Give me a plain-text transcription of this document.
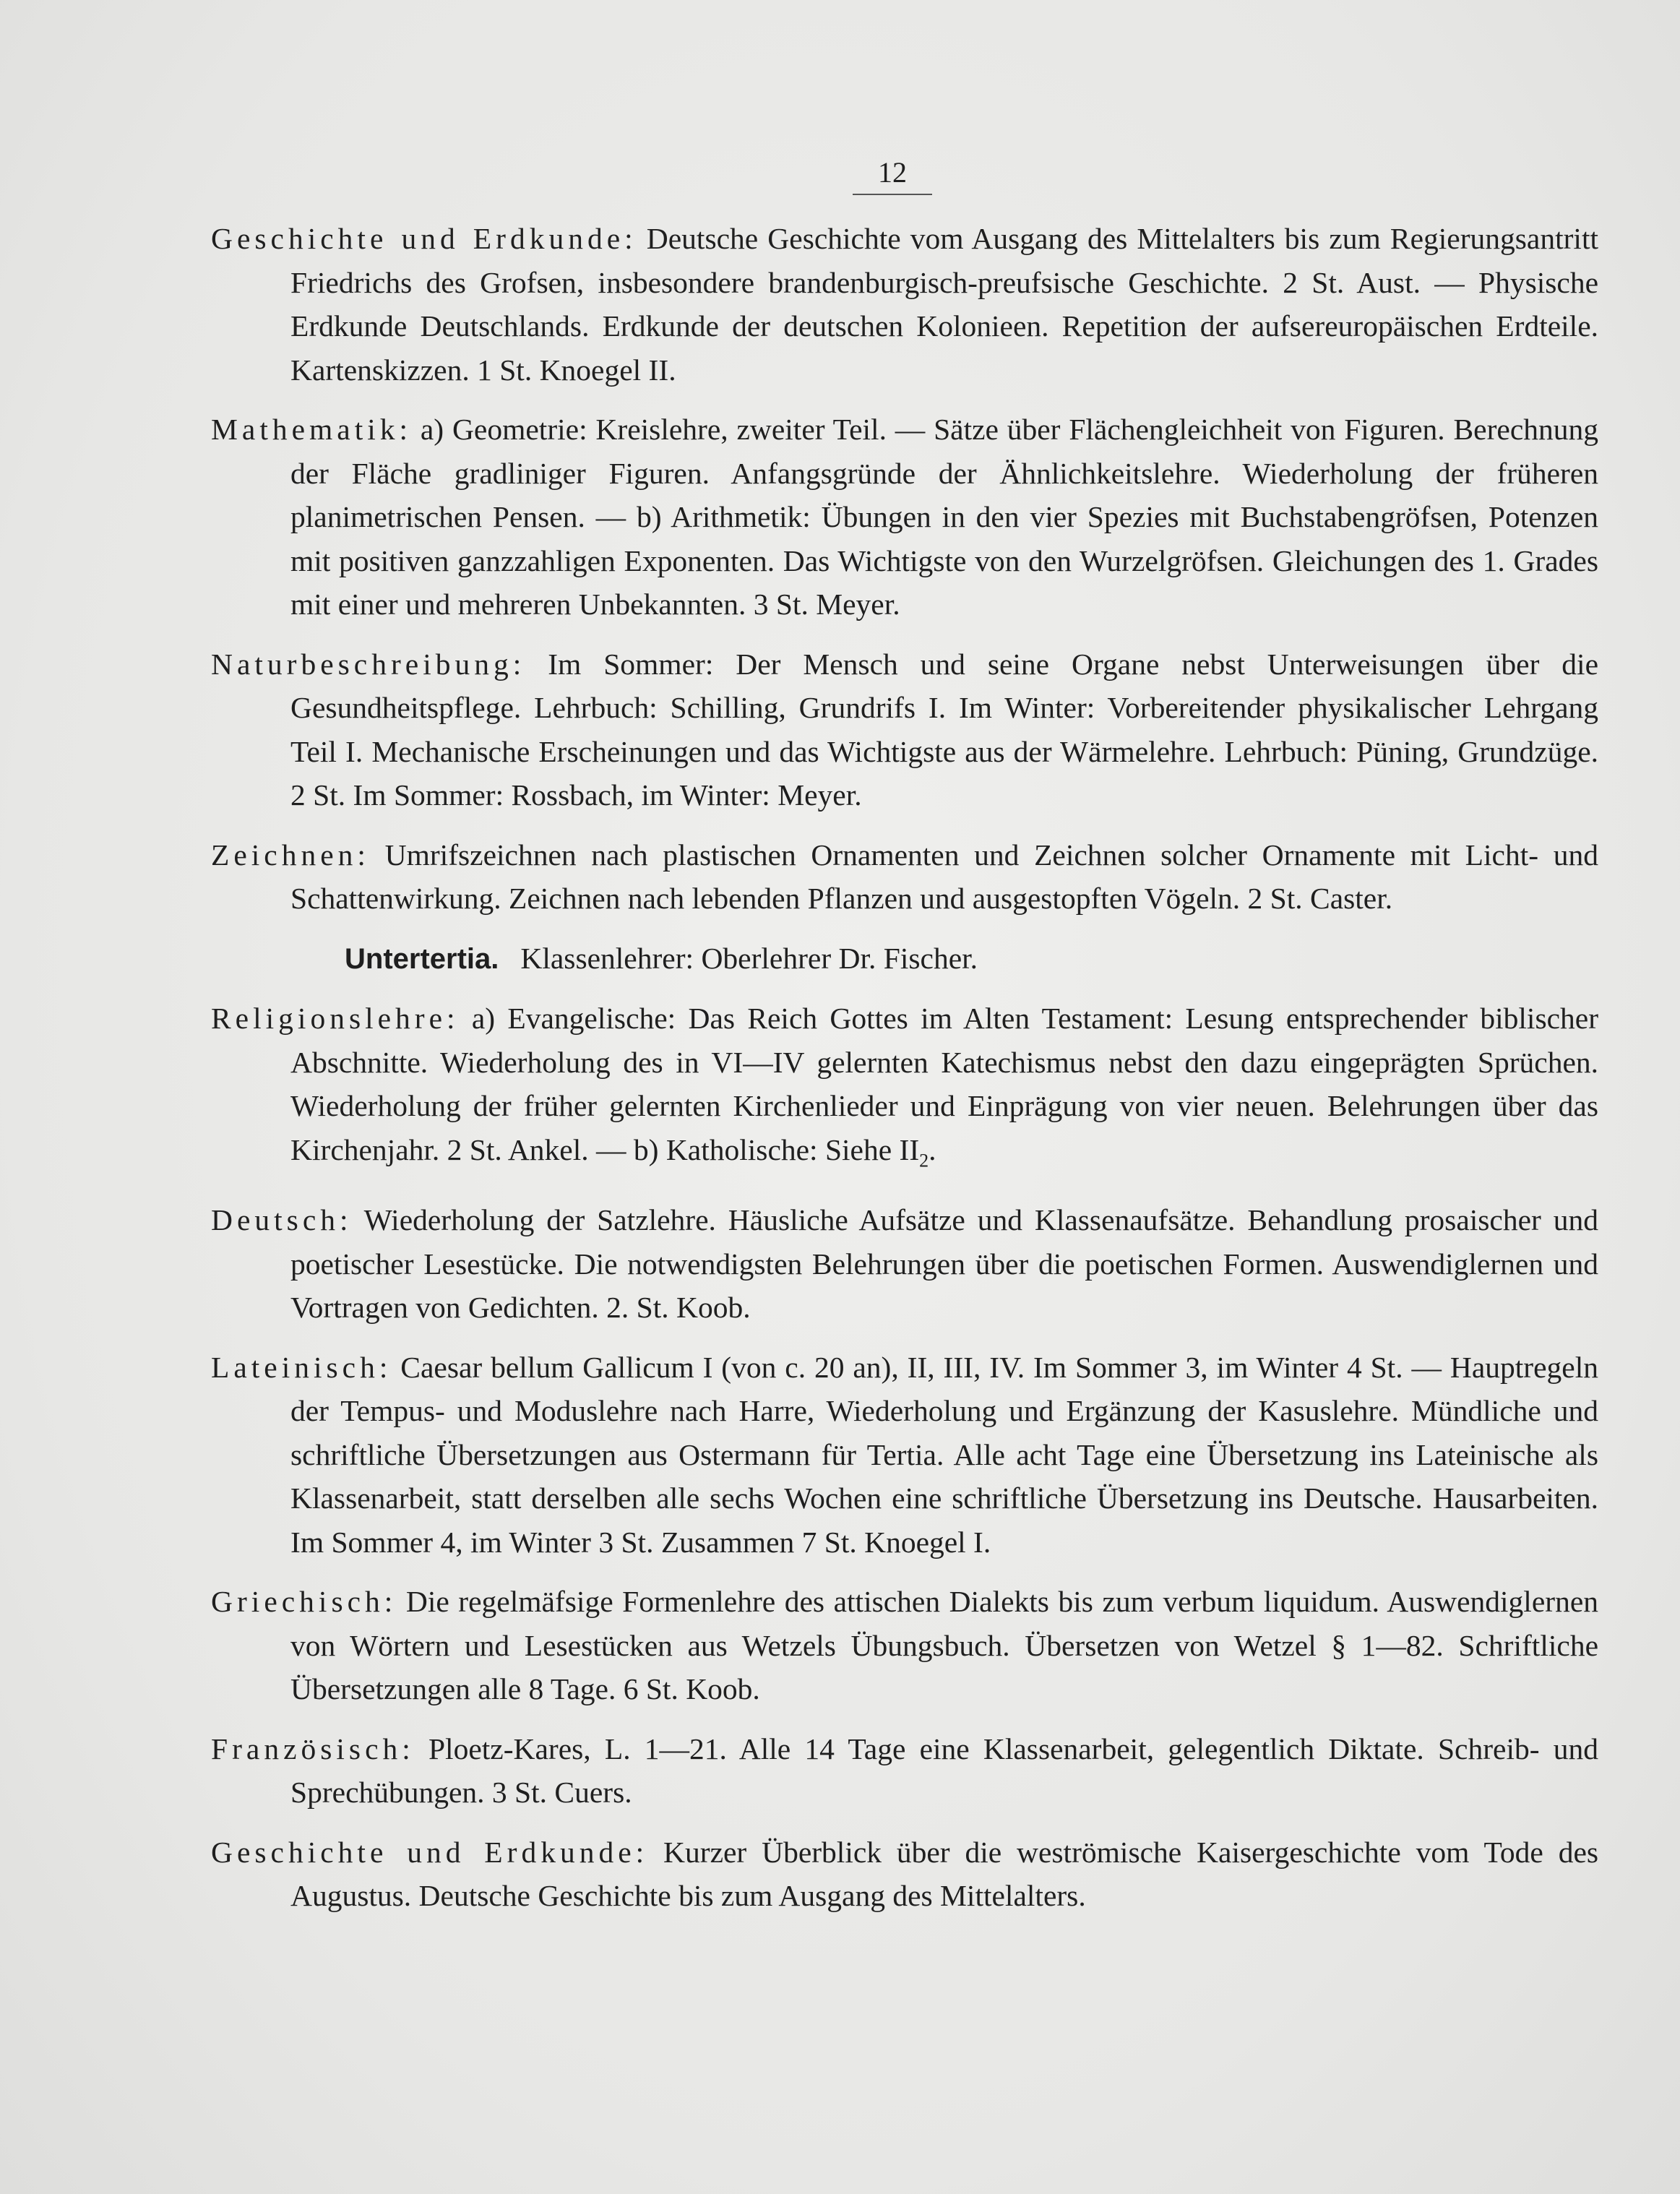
12

Geschichte und Erdkunde: Deutsche Geschichte vom Ausgang des Mittelalters bis zum Regierungsantritt Friedrichs des Grofsen, insbesondere brandenburgisch-preufsische Geschichte. 2 St. Aust. — Physische Erdkunde Deutschlands. Erdkunde der deutschen Kolonieen. Repetition der aufsereuropäischen Erdteile. Kartenskizzen. 1 St. Knoegel II.

Mathematik: a) Geometrie: Kreislehre, zweiter Teil. — Sätze über Flächengleichheit von Figuren. Berechnung der Fläche gradliniger Figuren. Anfangsgründe der Ähnlichkeitslehre. Wiederholung der früheren planimetrischen Pensen. — b) Arithmetik: Übungen in den vier Spezies mit Buchstabengröfsen, Potenzen mit positiven ganzzahligen Exponenten. Das Wichtigste von den Wurzelgröfsen. Gleichungen des 1. Grades mit einer und mehreren Unbekannten. 3 St. Meyer.

Naturbeschreibung: Im Sommer: Der Mensch und seine Organe nebst Unterweisungen über die Gesundheitspflege. Lehrbuch: Schilling, Grundrifs I. Im Winter: Vorbereitender physikalischer Lehrgang Teil I. Mechanische Erscheinungen und das Wichtigste aus der Wärmelehre. Lehrbuch: Püning, Grundzüge. 2 St. Im Sommer: Rossbach, im Winter: Meyer.

Zeichnen: Umrifszeichnen nach plastischen Ornamenten und Zeichnen solcher Ornamente mit Licht- und Schattenwirkung. Zeichnen nach lebenden Pflanzen und ausgestopften Vögeln. 2 St. Caster.

Untertertia. Klassenlehrer: Oberlehrer Dr. Fischer.

Religionslehre: a) Evangelische: Das Reich Gottes im Alten Testament: Lesung entsprechender biblischer Abschnitte. Wiederholung des in VI—IV gelernten Katechismus nebst den dazu eingeprägten Sprüchen. Wiederholung der früher gelernten Kirchenlieder und Einprägung von vier neuen. Belehrungen über das Kirchenjahr. 2 St. Ankel. — b) Katholische: Siehe $II_2$.

Deutsch: Wiederholung der Satzlehre. Häusliche Aufsätze und Klassenaufsätze. Behandlung prosaischer und poetischer Lesestücke. Die notwendigsten Belehrungen über die poetischen Formen. Auswendiglernen und Vortragen von Gedichten. 2. St. Koob.

Lateinisch: Caesar bellum Gallicum I (von c. 20 an), II, III, IV. Im Sommer 3, im Winter 4 St. — Hauptregeln der Tempus- und Moduslehre nach Harre, Wiederholung und Ergänzung der Kasuslehre. Mündliche und schriftliche Übersetzungen aus Ostermann für Tertia. Alle acht Tage eine Übersetzung ins Lateinische als Klassenarbeit, statt derselben alle sechs Wochen eine schriftliche Übersetzung ins Deutsche. Hausarbeiten. Im Sommer 4, im Winter 3 St. Zusammen 7 St. Knoegel I.

Griechisch: Die regelmäfsige Formenlehre des attischen Dialekts bis zum verbum liquidum. Auswendiglernen von Wörtern und Lesestücken aus Wetzels Übungsbuch. Übersetzen von Wetzel § 1—82. Schriftliche Übersetzungen alle 8 Tage. 6 St. Koob.

Französisch: Ploetz-Kares, L. 1—21. Alle 14 Tage eine Klassenarbeit, gelegentlich Diktate. Schreib- und Sprechübungen. 3 St. Cuers.

Geschichte und Erdkunde: Kurzer Überblick über die weströmische Kaisergeschichte vom Tode des Augustus. Deutsche Geschichte bis zum Ausgang des Mittelalters.
